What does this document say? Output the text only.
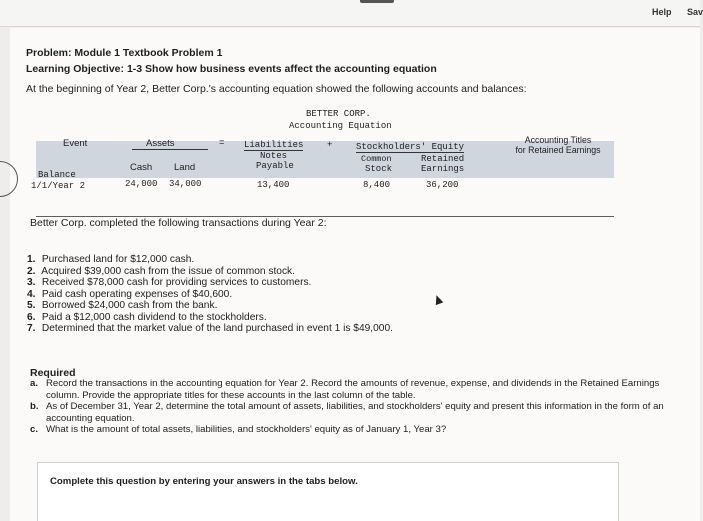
Help Sav
Problem: Module 1 Textbook Problem 1
Learning Objective: 1-3 Show how business events affect the accounting equation
At the beginning of Year 2, Better Corp.'s accounting equation showed the following accounts and balances:
BETTER CORP.
Accounting Equation
Event	Assets	= Liabilities	+	Stockholders' Equity
Accounting Titles
for Retained Earnings
Notes
Payable
Common
Stock
Retained
Earnings
Cash Land
Balance
1/1/Year 2	24,000 34,000	13,400	8,400	36,200
Better Corp. completed the following transactions during Year 2:
1. Purchased land for $12,000 cash.
2. Acquired $39,000 cash from the issue of common stock.
3. Received $78,000 cash for providing services to customers.
4. Paid cash operating expenses of $40,600.
5. Borrowed $24,000 cash from the bank.
6. Paid a $12,000 cash dividend to the stockholders.
7. Determined that the market value of the land purchased in event 1 is $49,000.
Required
a. Record the transactions in the accounting equation for Year 2. Record the amounts of revenue, expense, and dividends in the Retained Earnings column. Provide the appropriate titles for these accounts in the last column of the table.
b. As of December 31, Year 2, determine the total amount of assets, liabilities, and stockholders' equity and present this information in the form of an accounting equation.
c. What is the amount of total assets, liabilities, and stockholders' equity as of January 1, Year 3?
Complete this question by entering your answers in the tabs below.
